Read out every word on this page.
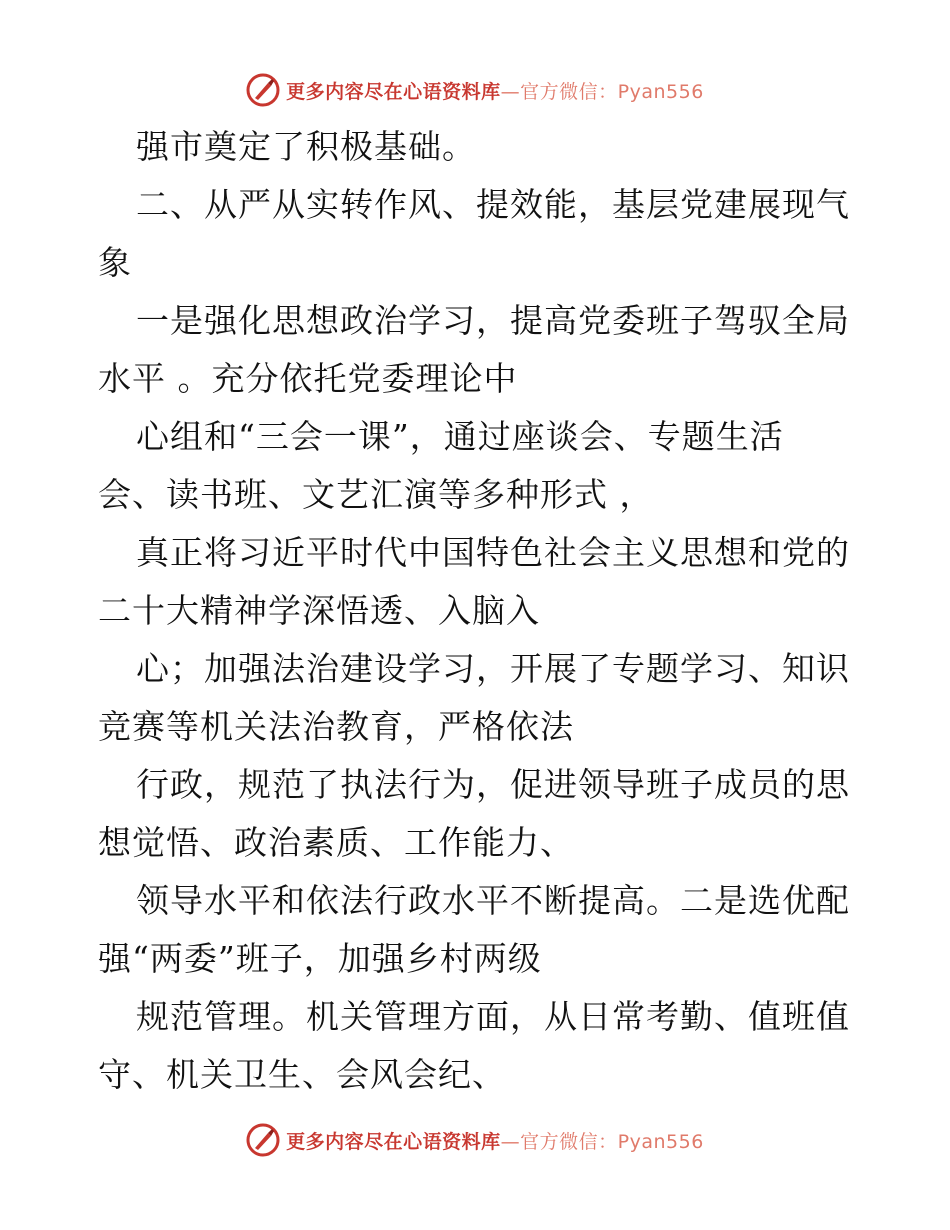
更多内容尽在心语资料库—官方微信：Pyan556
强市奠定了积极基础。
二、从严从实转作风、提效能，基层党建展现气
象
一是强化思想政治学习，提高党委班子驾驭全局
水平 。充分依托党委理论中
心组和“三会一课”，通过座谈会、专题生活
会、读书班、文艺汇演等多种形式 ，
真正将习近平时代中国特色社会主义思想和党的
二十大精神学深悟透、入脑入
心；加强法治建设学习，开展了专题学习、知识
竞赛等机关法治教育，严格依法
行政，规范了执法行为，促进领导班子成员的思
想觉悟、政治素质、工作能力、
领导水平和依法行政水平不断提高。二是选优配
强“两委”班子，加强乡村两级
规范管理。机关管理方面，从日常考勤、值班值
守、机关卫生、会风会纪、
更多内容尽在心语资料库—官方微信：Pyan556
